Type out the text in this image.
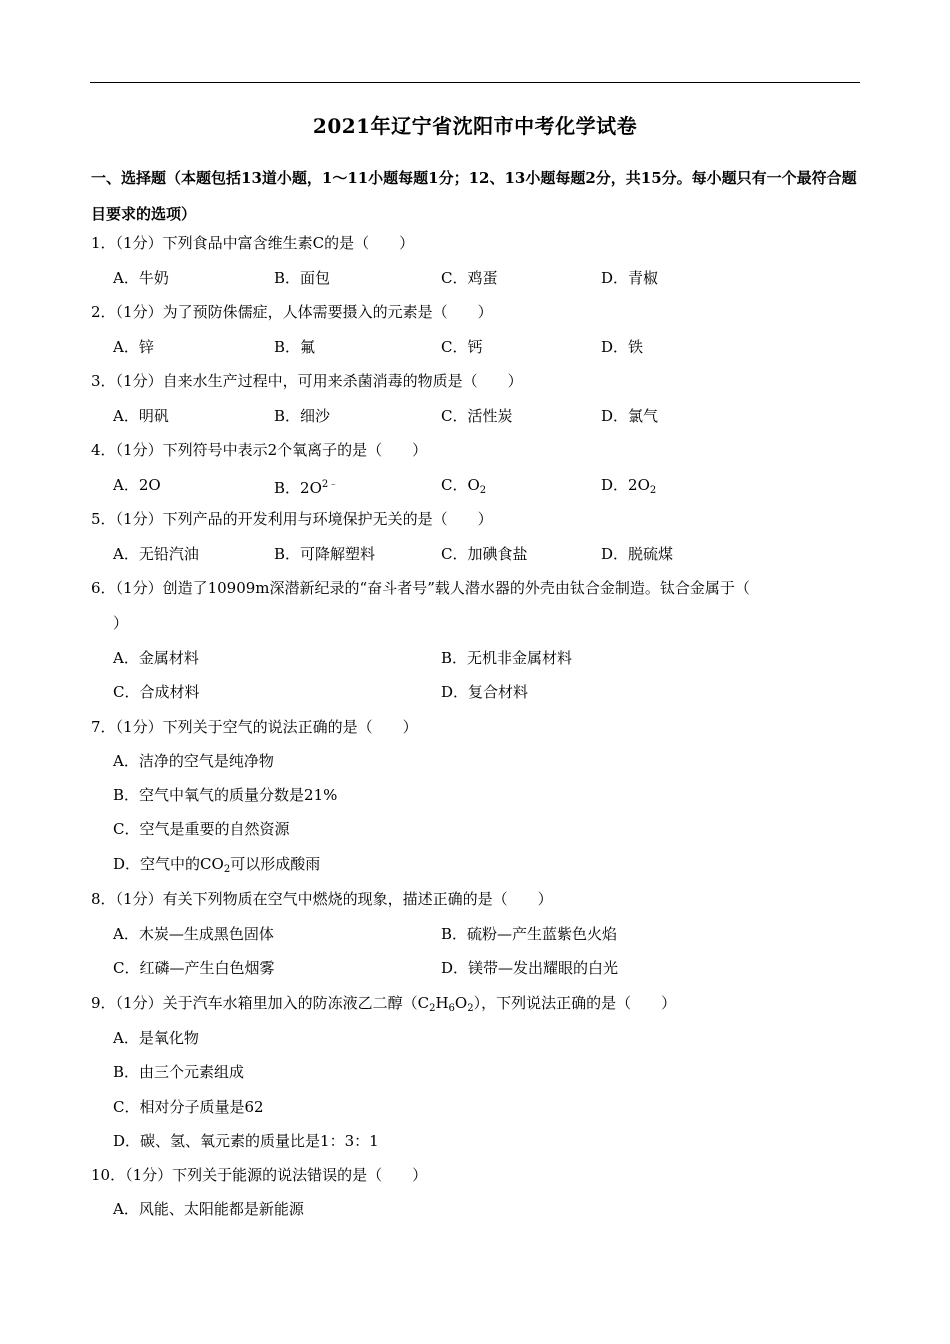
2021年辽宁省沈阳市中考化学试卷
一、选择题（本题包括13道小题，1～11小题每题1分；12、13小题每题2分，共15分。每小题只有一个最符合题目要求的选项）
1．（1分）下列食品中富含维生素C的是（　　）
A．牛奶	B．面包	C．鸡蛋	D．青椒
2．（1分）为了预防侏儒症，人体需要摄入的元素是（　　）
A．锌	B．氟	C．钙	D．铁
3．（1分）自来水生产过程中，可用来杀菌消毒的物质是（　　）
A．明矾	B．细沙	C．活性炭	D．氯气
4．（1分）下列符号中表示2个氧离子的是（　　）
A．2O	B．$2O^{2﹣}$	C．$O_2$	D．$2O_2$
5．（1分）下列产品的开发利用与环境保护无关的是（　　）
A．无铅汽油	B．可降解塑料	C．加碘食盐	D．脱硫煤
6．（1分）创造了10909m深潜新纪录的“奋斗者号”载人潜水器的外壳由钛合金制造。钛合金属于（
）
A．金属材料	B．无机非金属材料
C．合成材料	D．复合材料
7．（1分）下列关于空气的说法正确的是（　　）
A．洁净的空气是纯净物
B．空气中氧气的质量分数是21%
C．空气是重要的自然资源
D．空气中的$CO_2$可以形成酸雨
8．（1分）有关下列物质在空气中燃烧的现象，描述正确的是（　　）
A．木炭—生成黑色固体	B．硫粉—产生蓝紫色火焰
C．红磷—产生白色烟雾	D．镁带—发出耀眼的白光
9．（1分）关于汽车水箱里加入的防冻液乙二醇$(C_2H_6O_2)$，下列说法正确的是（　　）
A．是氧化物
B．由三个元素组成
C．相对分子质量是62
D．碳、氢、氧元素的质量比是1：3：1
10．（1分）下列关于能源的说法错误的是（　　）
A．风能、太阳能都是新能源
